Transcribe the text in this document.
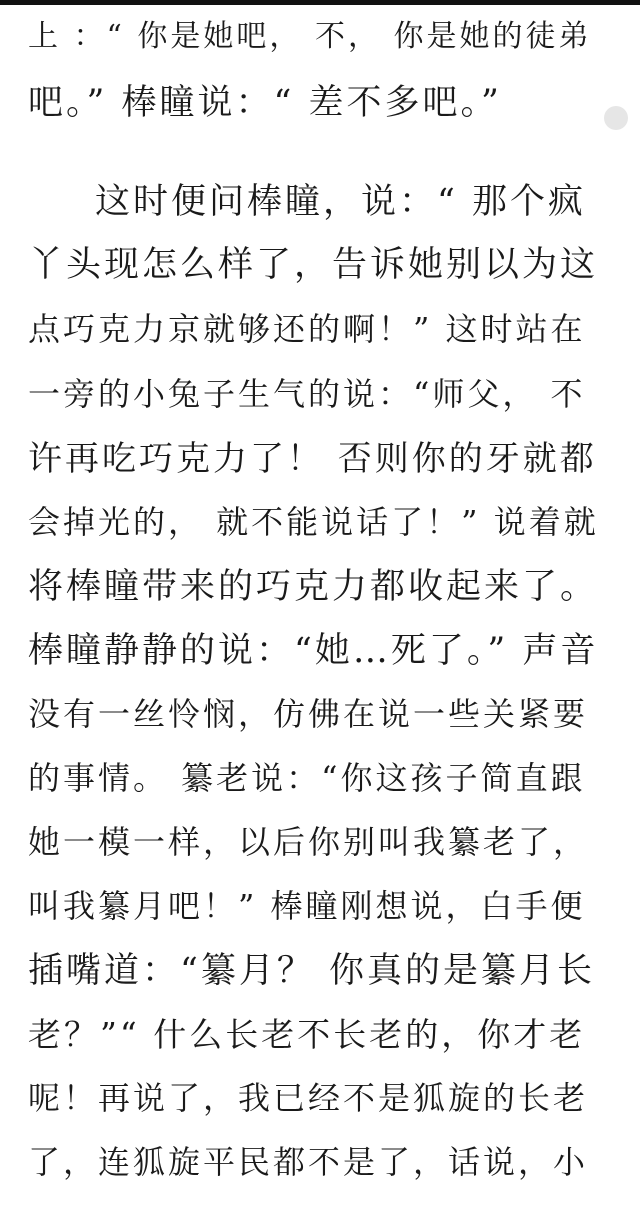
上 ：“ 你是她吧， 不， 你是她的徒弟
吧。” 棒瞳说：“ 差不多吧。”
这时便问棒瞳，说：“ 那个疯
丫头现怎么样了，告诉她别以为这
点巧克力京就够还的啊！” 这时站在
一旁的小兔子生气的说：“师父， 不
许再吃巧克力了！ 否则你的牙就都
会掉光的， 就不能说话了！” 说着就
将棒瞳带来的巧克力都收起来了。
棒瞳静静的说：“她…死了。” 声音
没有一丝怜悯，仿佛在说一些关紧要
的事情。 纂老说：“你这孩子简直跟
她一模一样，以后你别叫我纂老了，
叫我纂月吧！” 棒瞳刚想说，白手便
插嘴道：“纂月？ 你真的是纂月长
老？”“ 什么长老不长老的，你才老
呢！再说了，我已经不是狐旋的长老
了，连狐旋平民都不是了，话说，小
